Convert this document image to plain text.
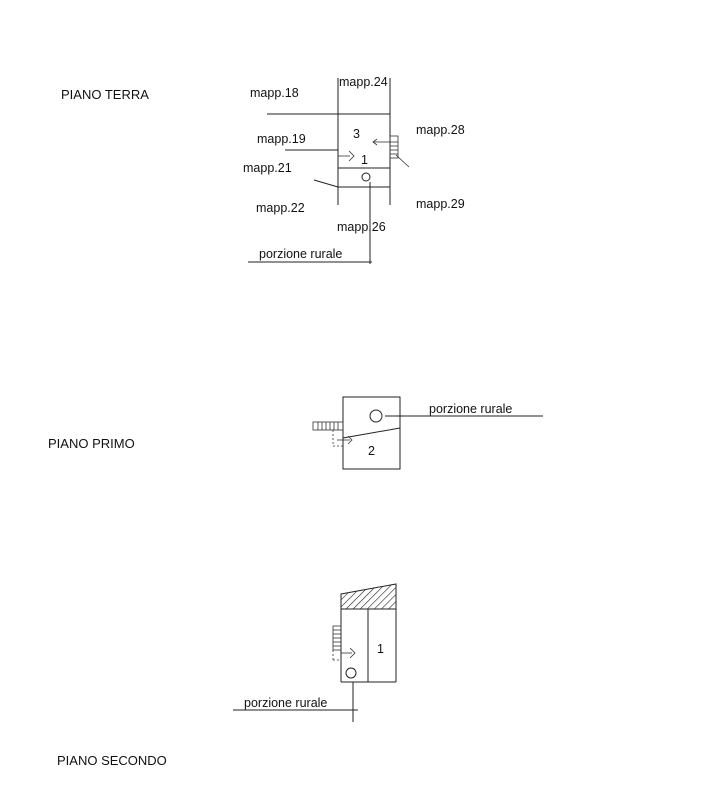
PIANO TERRA
mapp.24
mapp.18
mapp.19
mapp.21
mapp.22
mapp.26
mapp.28
mapp.29
3
1
porzione rurale
PIANO PRIMO	2
porzione rurale
PIANO SECONDO
1
porzione rurale
